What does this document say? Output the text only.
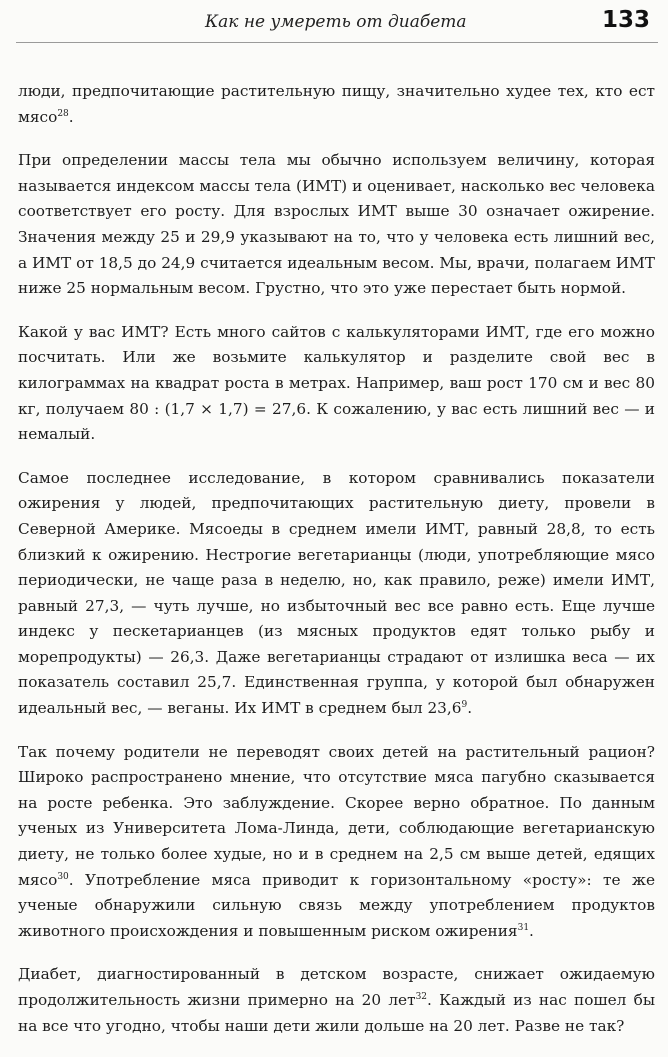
Как не умереть от диабета	133

люди, предпочитающие растительную пищу, значительно худее тех, кто ест мясо$^{28}$.

При определении массы тела мы обычно используем величину, которая называется индексом массы тела (ИМТ) и оценивает, насколько вес человека соответствует его росту. Для взрослых ИМТ выше 30 означает ожирение. Значения между 25 и 29,9 указывают на то, что у человека есть лишний вес, а ИМТ от 18,5 до 24,9 считается идеальным весом. Мы, врачи, полагаем ИМТ ниже 25 нормальным весом. Грустно, что это уже перестает быть нормой.

Какой у вас ИМТ? Есть много сайтов с калькуляторами ИМТ, где его можно посчитать. Или же возьмите калькулятор и разделите свой вес в килограммах на квадрат роста в метрах. Например, ваш рост 170 см и вес 80 кг, получаем 80 : (1,7 × 1,7) = 27,6. К сожалению, у вас есть лишний вес — и немалый.

Самое последнее исследование, в котором сравнивались показатели ожирения у людей, предпочитающих растительную диету, провели в Северной Америке. Мясоеды в среднем имели ИМТ, равный 28,8, то есть близкий к ожирению. Нестрогие вегетарианцы (люди, употребляющие мясо периодически, не чаще раза в неделю, но, как правило, реже) имели ИМТ, равный 27,3, — чуть лучше, но избыточный вес все равно есть. Еще лучше индекс у пескетарианцев (из мясных продуктов едят только рыбу и морепродукты) — 26,3. Даже вегетарианцы страдают от излишка веса — их показатель составил 25,7. Единственная группа, у которой был обнаружен идеальный вес, — веганы. Их ИМТ в среднем был 23,6$^9$.

Так почему родители не переводят своих детей на растительный рацион? Широко распространено мнение, что отсутствие мяса пагубно сказывается на росте ребенка. Это заблуждение. Скорее верно обратное. По данным ученых из Университета Лома-Линда, дети, соблюдающие вегетарианскую диету, не только более худые, но и в среднем на 2,5 см выше детей, едящих мясо$^{30}$. Употребление мяса приводит к горизонтальному «росту»: те же ученые обнаружили сильную связь между употреблением продуктов животного происхождения и повышенным риском ожирения$^{31}$.

Диабет, диагностированный в детском возрасте, снижает ожидаемую продолжительность жизни примерно на 20 лет$^{32}$. Каждый из нас пошел бы на все что угодно, чтобы наши дети жили дольше на 20 лет. Разве не так?
